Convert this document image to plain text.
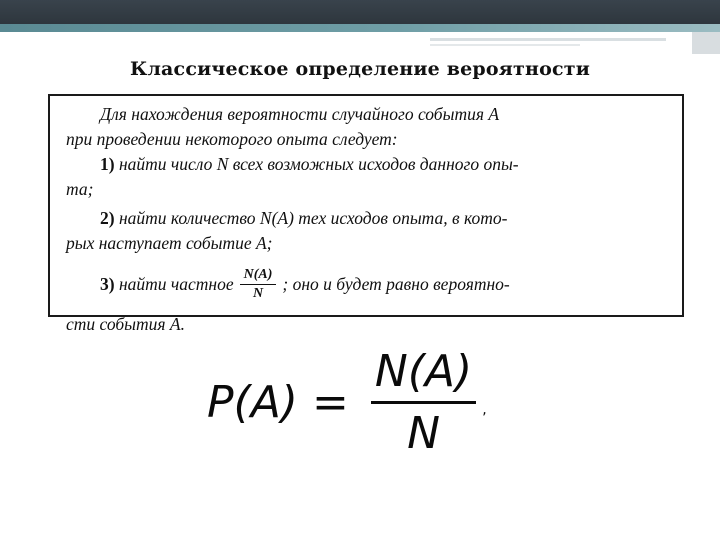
Классическое определение вероятности

Для нахождения вероятности случайного события A

при проведении некоторого опыта следует:

1) найти число N всех возможных исходов данного опы-

та;

2) найти количество N(A) тех исходов опыта, в кото-

рых наступает событие A;

3)
найти частное $\frac{N(A)}{N}$ ; оно и будет равно вероятно-

сти события A.

$P(A) = \frac{N(A)}{N}$ ,
